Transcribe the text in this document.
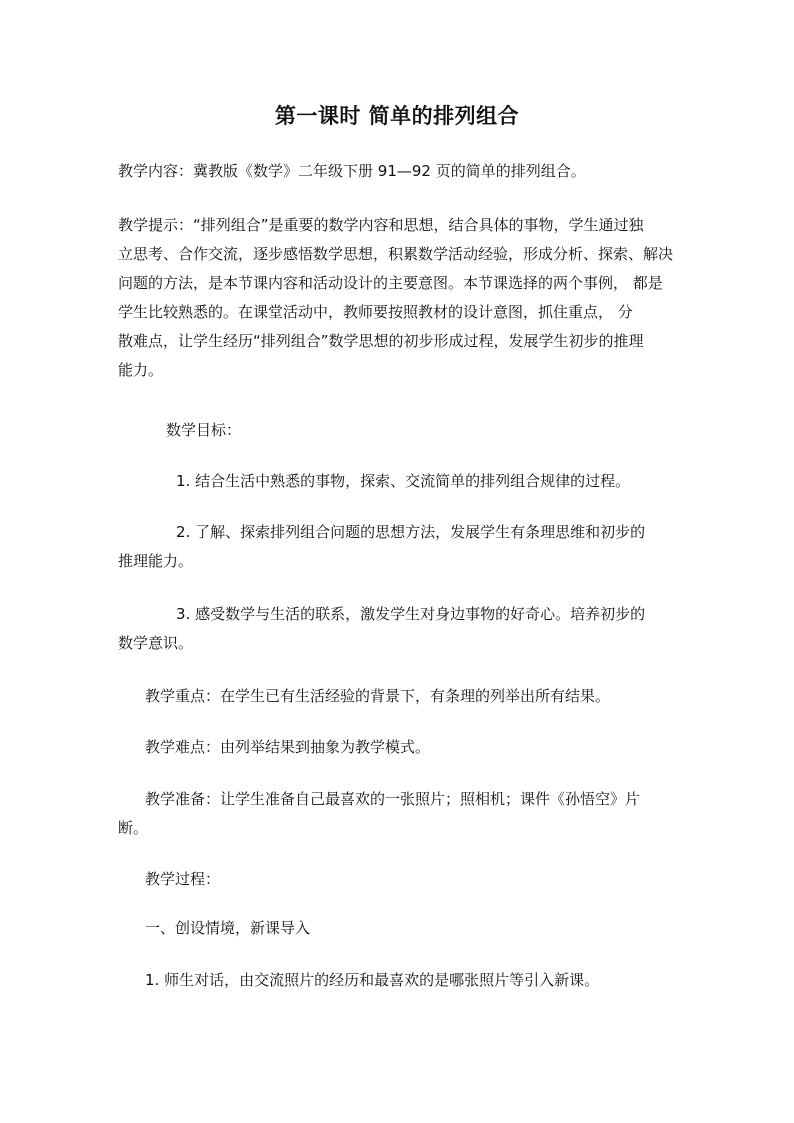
第一课时 简单的排列组合
教学内容：冀教版《数学》二年级下册 91—92 页的简单的排列组合。
教学提示：“排列组合”是重要的数学内容和思想，结合具体的事物，学生通过独
立思考、合作交流，逐步感悟数学思想，积累数学活动经验，形成分析、探索、解决
问题的方法，是本节课内容和活动设计的主要意图。本节课选择的两个事例， 都是
学生比较熟悉的。在课堂活动中，教师要按照教材的设计意图，抓住重点， 分
散难点，让学生经历“排列组合”数学思想的初步形成过程，发展学生初步的推理
能力。
数学目标：
1. 结合生活中熟悉的事物，探索、交流简单的排列组合规律的过程。
2. 了解、探索排列组合问题的思想方法，发展学生有条理思维和初步的
推理能力。
3. 感受数学与生活的联系，激发学生对身边事物的好奇心。培养初步的
数学意识。
教学重点：在学生已有生活经验的背景下，有条理的列举出所有结果。
教学难点：由列举结果到抽象为教学模式。
教学准备：让学生准备自己最喜欢的一张照片；照相机；课件《孙悟空》片
断。
教学过程：
一、创设情境，新课导入
1. 师生对话，由交流照片的经历和最喜欢的是哪张照片等引入新课。
